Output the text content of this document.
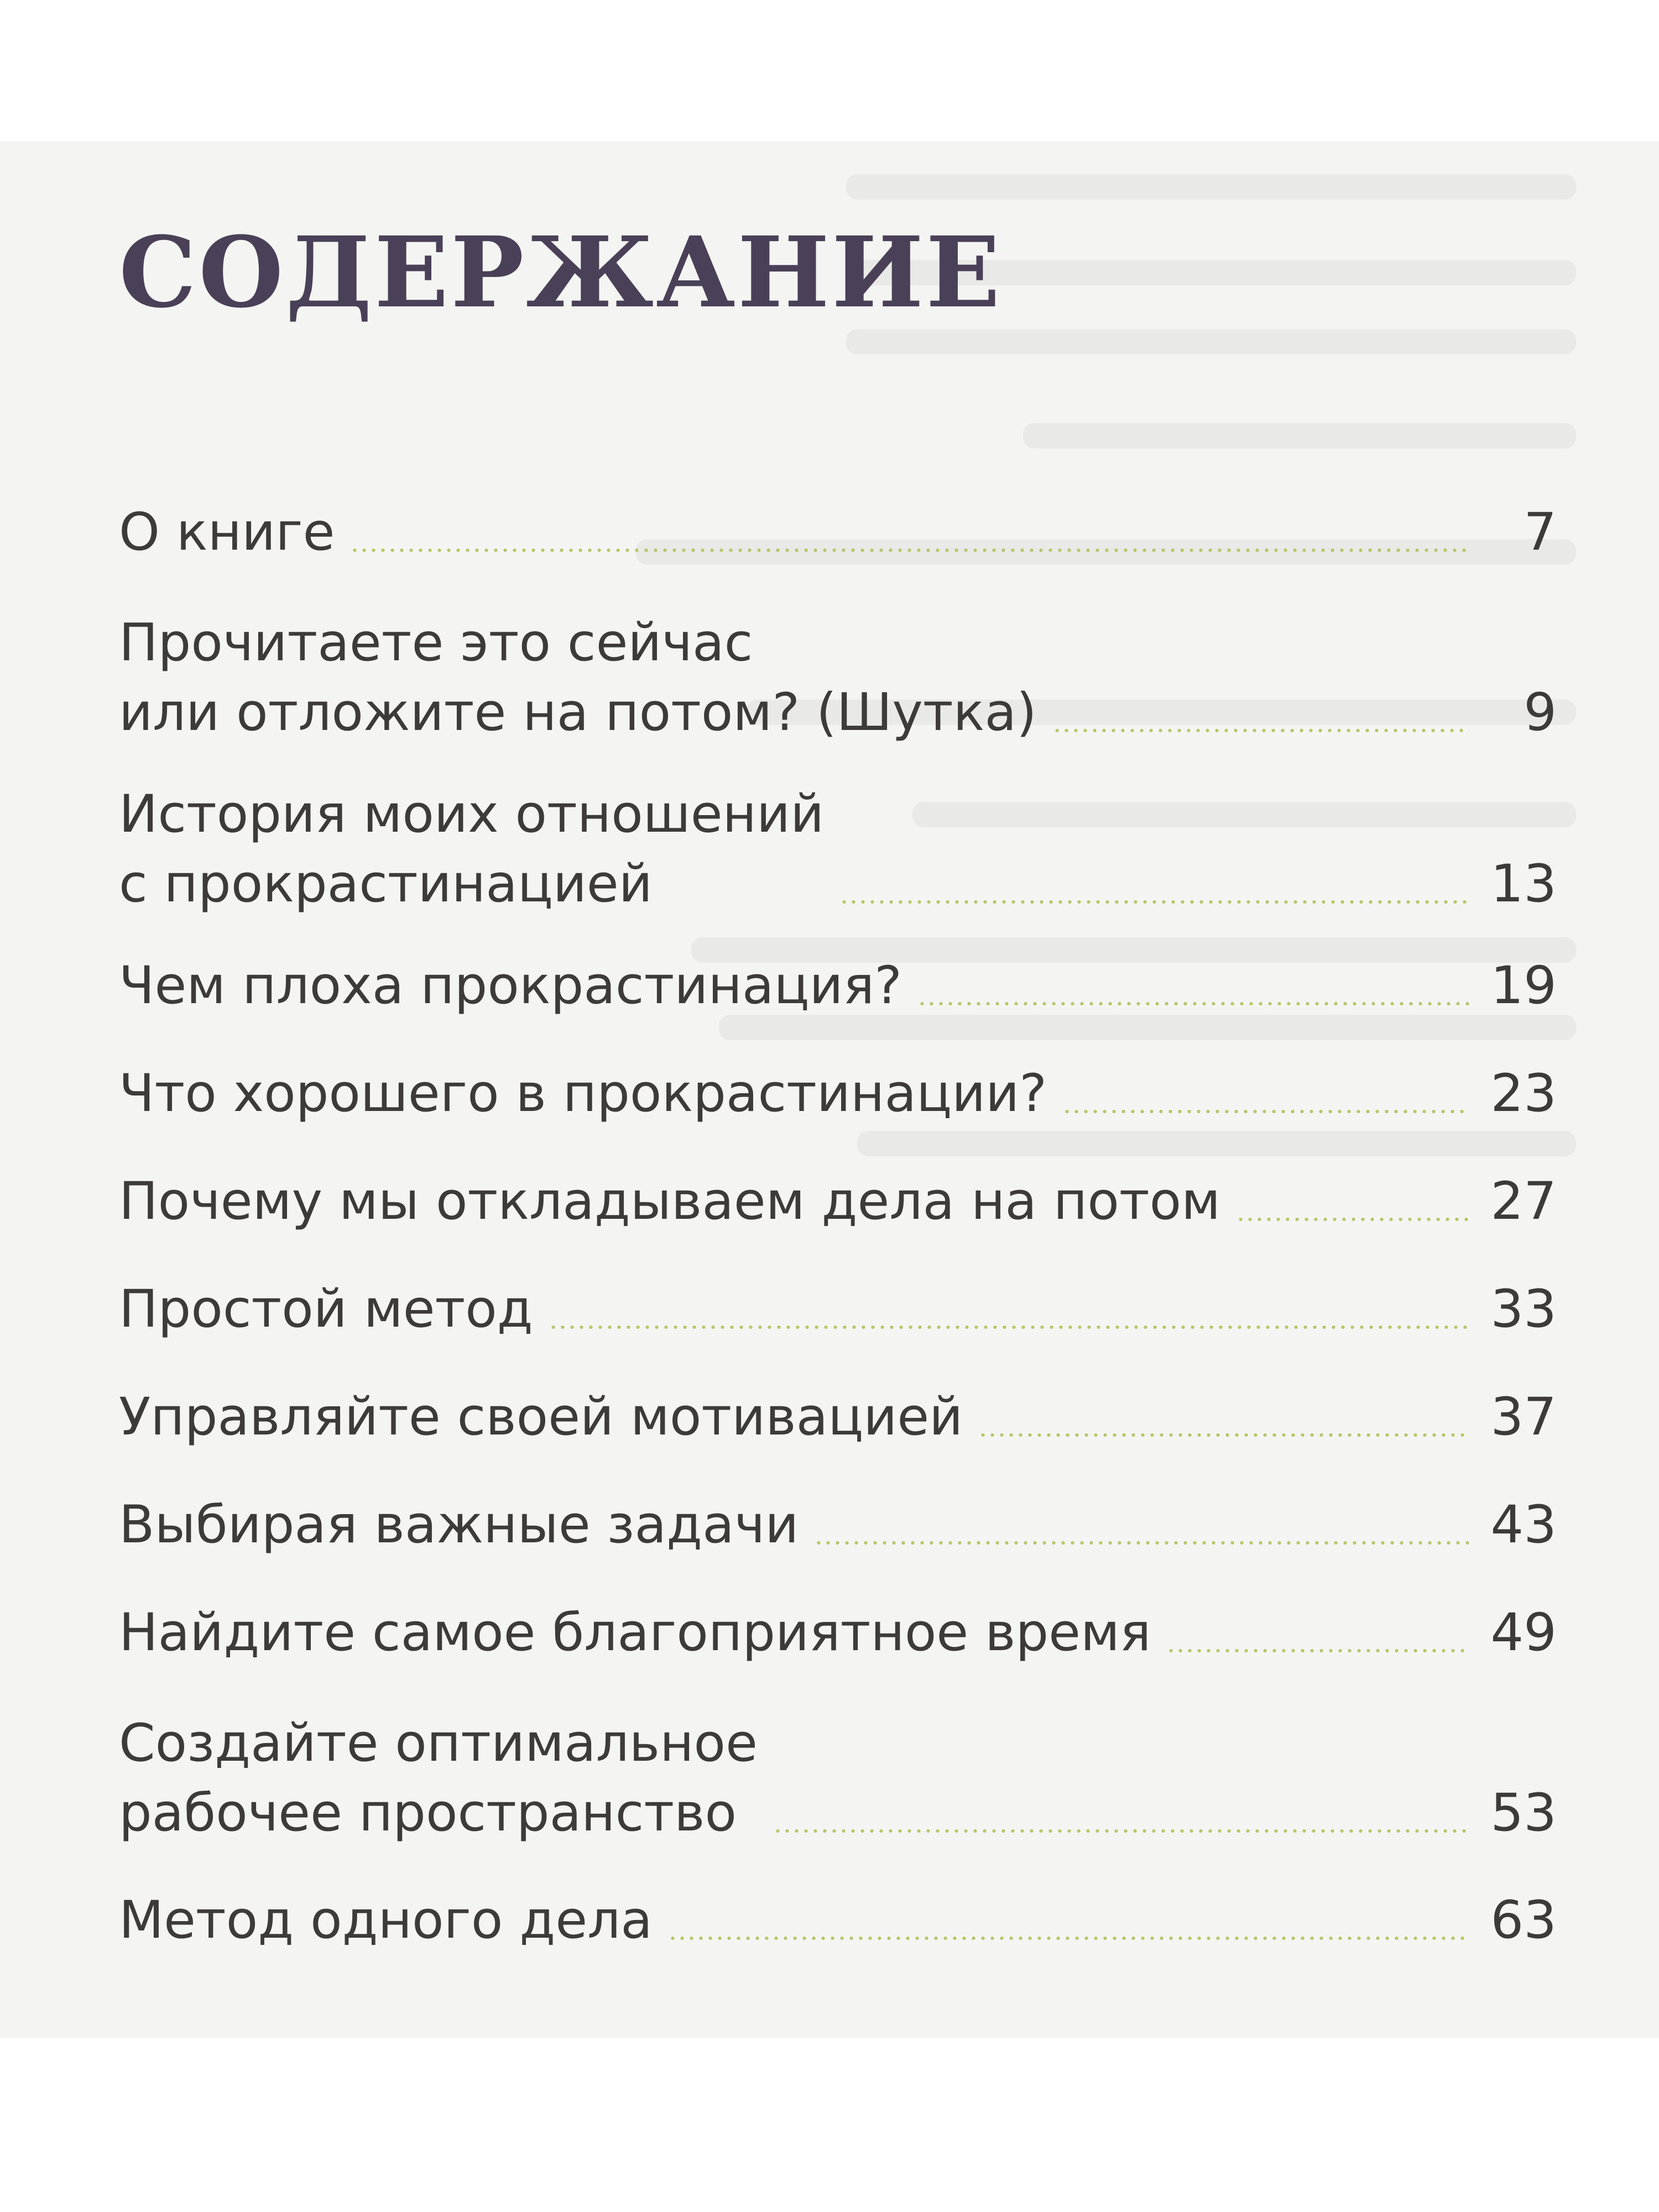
СОДЕРЖАНИЕ
О книге	7
Прочитаете это сейчас
или отложите на потом? (Шутка)	9
История моих отношений
с прокрастинацией	13
Чем плоха прокрастинация?	19
Что хорошего в прокрастинации?	23
Почему мы откладываем дела на потом	27
Простой метод	33
Управляйте своей мотивацией	37
Выбирая важные задачи	43
Найдите самое благоприятное время	49
Создайте оптимальное
рабочее пространство	53
Метод одного дела	63
